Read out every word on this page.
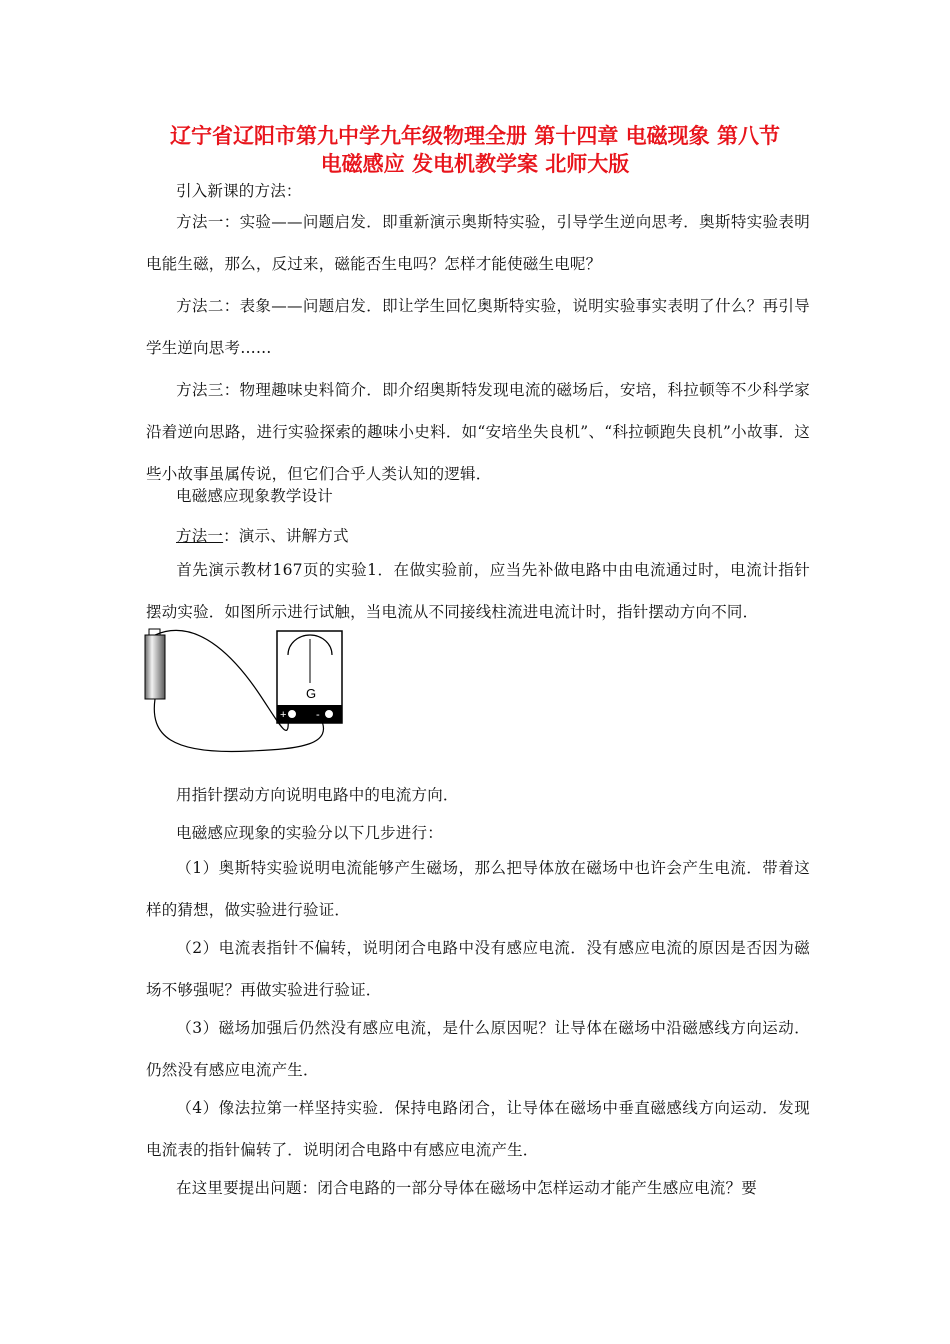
辽宁省辽阳市第九中学九年级物理全册 第十四章 电磁现象 第八节
电磁感应 发电机教学案 北师大版

引入新课的方法：

方法一：实验——问题启发．即重新演示奥斯特实验，引导学生逆向思考．奥斯特实验表明电能生磁，那么，反过来，磁能否生电吗？怎样才能使磁生电呢？

方法二：表象——问题启发．即让学生回忆奥斯特实验，说明实验事实表明了什么？再引导学生逆向思考……

方法三：物理趣味史料简介．即介绍奥斯特发现电流的磁场后，安培，科拉顿等不少科学家沿着逆向思路，进行实验探索的趣味小史料．如“安培坐失良机”、“科拉顿跑失良机”小故事．这些小故事虽属传说，但它们合乎人类认知的逻辑．

电磁感应现象教学设计

方法一：演示、讲解方式

首先演示教材167页的实验1．在做实验前，应当先补做电路中由电流通过时，电流计指针摆动实验．如图所示进行试触，当电流从不同接线柱流进电流计时，指针摆动方向不同．

G
+	-

用指针摆动方向说明电路中的电流方向．

电磁感应现象的实验分以下几步进行：

（1）奥斯特实验说明电流能够产生磁场，那么把导体放在磁场中也许会产生电流．带着这样的猜想，做实验进行验证．

（2）电流表指针不偏转，说明闭合电路中没有感应电流．没有感应电流的原因是否因为磁场不够强呢？再做实验进行验证．

（3）磁场加强后仍然没有感应电流，是什么原因呢？让导体在磁场中沿磁感线方向运动．仍然没有感应电流产生．

（4）像法拉第一样坚持实验．保持电路闭合，让导体在磁场中垂直磁感线方向运动．发现电流表的指针偏转了．说明闭合电路中有感应电流产生．

在这里要提出问题：闭合电路的一部分导体在磁场中怎样运动才能产生感应电流？要
